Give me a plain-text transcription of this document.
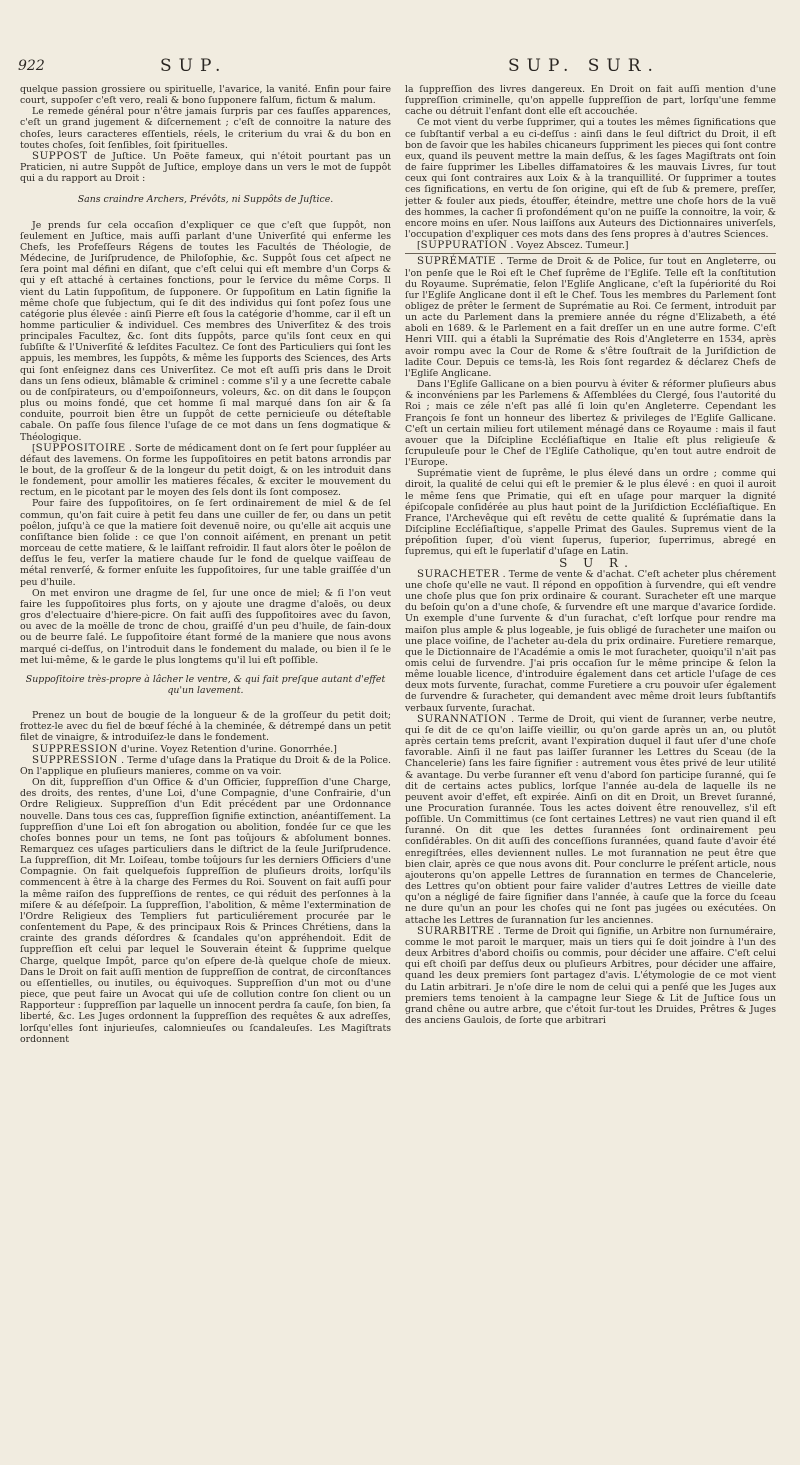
922	SUP.	SUP. SUR.

quelque passion grossiere ou spirituelle, l'avarice, la vanité. Enfin pour faire court, suppoſer c'eſt vero, reali & bono ſupponere falſum, fictum & malum.

Le remede général pour n'être jamais ſurpris par ces fauſſes apparences, c'eſt un grand jugement & diſcernement ; c'eſt de connoitre la nature des choſes, leurs caracteres eſſentiels, réels, le criterium du vrai & du bon en toutes choſes, ſoit ſenſibles, ſoit ſpirituelles.

SUPPOST de Juſtice. Un Poëte fameux, qui n'étoit pourtant pas un Praticien, ni autre Suppôt de Juſtice, employe dans un vers le mot de ſuppôt qui a du rapport au Droit :

Sans craindre Archers, Prévôts, ni Suppôts de Juſtice.

Je prends ſur cela occaſion d'expliquer ce que c'eſt que ſuppôt, non ſeulement en Juſtice, mais auſſi parlant d'une Univerſité qui enferme les Chefs, les Profeſſeurs Régens de toutes les Facultés de Théologie, de Médecine, de Juriſprudence, de Philoſophie, &c. Suppôt ſous cet aſpect ne ſera point mal défini en diſant, que c'eſt celui qui eſt membre d'un Corps & qui y eſt attaché à certaines fonctions, pour le ſervice du même Corps. Il vient du Latin ſuppoſitum, de ſupponere. Or ſuppoſitum en Latin ſignifie la même choſe que ſubjectum, qui ſe dit des individus qui ſont poſez ſous une catégorie plus élevée : ainſi Pierre eſt ſous la catégorie d'homme, car il eſt un homme particulier & individuel. Ces membres des Univerſitez & des trois principales Facultez, &c. ſont dits ſuppôts, parce qu'ils ſont ceux en qui ſubſiſte & l'Univerſité & leſdites Facultez. Ce ſont des Particuliers qui ſont les appuis, les membres, les ſuppôts, & même les ſupports des Sciences, des Arts qui ſont enſeignez dans ces Univerſitez. Ce mot eſt auſſi pris dans le Droit dans un ſens odieux, blâmable & criminel : comme s'il y a une ſecrette cabale ou de conſpirateurs, ou d'empoiſonneurs, voleurs, &c. on dit dans le ſoupçon plus ou moins fondé, que cet homme ſi mal marqué dans ſon air & ſa conduite, pourroit bien être un ſuppôt de cette pernicieuſe ou déteſtable cabale. On paſſe ſous ſilence l'uſage de ce mot dans un ſens dogmatique & Théologique.

[SUPPOSITOIRE . Sorte de médicament dont on ſe ſert pour ſuppléer au défaut des lavemens. On forme les ſuppoſitoires en petit batons arrondis par le bout, de la groſſeur & de la longeur du petit doigt, & on les introduit dans le fondement, pour amollir les matieres fécales, & exciter le mouvement du rectum, en le picotant par le moyen des ſels dont ils ſont composez.

Pour faire des ſuppoſitoires, on ſe ſert ordinairement de miel & de ſel commun, qu'on fait cuire à petit feu dans une cuiller de fer, ou dans un petit poêlon, juſqu'à ce que la matiere ſoit devenuë noire, ou qu'elle ait acquis une conſiſtance bien ſolide : ce que l'on connoit aiſément, en prenant un petit morceau de cette matiere, & le laiſſant refroidir. Il faut alors ôter le poêlon de deſſus le feu, verſer la matiere chaude ſur le fond de quelque vaiſſeau de métal renverſé, & former enſuite les ſuppoſitoires, ſur une table graiſſée d'un peu d'huile.

On met environ une dragme de ſel, ſur une once de miel; & ſi l'on veut faire les ſuppoſitoires plus forts, on y ajoute une dragme d'aloës, ou deux gros d'electuaire d'hiere-picre. On fait auſſi des ſuppoſitoires avec du ſavon, ou avec de la moëlle de tronc de chou, graiſſé d'un peu d'huile, de ſain-doux ou de beurre ſalé. Le ſuppoſitoire étant formé de la maniere que nous avons marqué ci-deſſus, on l'introduit dans le fondement du malade, ou bien il ſe le met lui-même, & le garde le plus longtems qu'il lui eſt poſſible.

Suppoſitoire très-propre à lâcher le ventre, & qui fait preſque autant d'effet qu'un lavement.

Prenez un bout de bougie de la longueur & de la groſſeur du petit doit; frottez-le avec du fiel de bœuf ſéché à la cheminée, & détrempé dans un petit filet de vinaigre, & introduiſez-le dans le fondement.

SUPPRESSION d'urine. Voyez Retention d'urine. Gonorrhée.]

SUPPRESSION . Terme d'uſage dans la Pratique du Droit & de la Police. On l'applique en pluſieurs manieres, comme on va voir.

On dit, ſuppreſſion d'un Office & d'un Officier, ſuppreſſion d'une Charge, des droits, des rentes, d'une Loi, d'une Compagnie, d'une Confrairie, d'un Ordre Religieux. Suppreſſion d'un Edit précédent par une Ordonnance nouvelle. Dans tous ces cas, ſuppreſſion ſignifie extinction, anéantiſſement. La ſuppreſſion d'une Loi eſt ſon abrogation ou abolition, fondée ſur ce que les choſes bonnes pour un tems, ne ſont pas toûjours & abſolument bonnes. Remarquez ces uſages particuliers dans le diſtrict de la ſeule Juriſprudence. La ſuppreſſion, dit Mr. Loiſeau, tombe toûjours ſur les derniers Officiers d'une Compagnie. On fait quelquefois ſuppreſſion de pluſieurs droits, lorſqu'ils commencent à être à la charge des Fermes du Roi. Souvent on fait auſſi pour la même raiſon des ſuppreſſions de rentes, ce qui réduit des perſonnes à la miſere & au déſeſpoir. La ſuppreſſion, l'abolition, & même l'extermination de l'Ordre Religieux des Templiers fut particuliérement procurée par le conſentement du Pape, & des principaux Rois & Princes Chrétiens, dans la crainte des grands déſordres & ſcandales qu'on appréhendoit. Edit de ſuppreſſion eſt celui par lequel le Souverain éteint & ſupprime quelque Charge, quelque Impôt, parce qu'on eſpere de-là quelque choſe de mieux. Dans le Droit on fait auſſi mention de ſuppreſſion de contrat, de circonſtances ou eſſentielles, ou inutiles, ou équivoques. Suppreſſion d'un mot ou d'une piece, que peut faire un Avocat qui uſe de collution contre ſon client ou un Rapporteur : ſuppreſſion par laquelle un innocent perdra ſa cauſe, ſon bien, ſa liberté, &c. Les Juges ordonnent la ſuppreſſion des requêtes & aux adreſſes, lorſqu'elles ſont injurieuſes, calomnieuſes ou ſcandaleuſes. Les Magiſtrats ordonnent

la ſuppreſſion des livres dangereux. En Droit on fait auſſi mention d'une ſuppreſſion criminelle, qu'on appelle ſuppreſſion de part, lorſqu'une femme cache ou détruit l'enfant dont elle eſt accouchée.

Ce mot vient du verbe ſupprimer, qui a toutes les mêmes ſignifications que ce ſubſtantif verbal a eu ci-deſſus : ainſi dans le ſeul diſtrict du Droit, il eſt bon de ſavoir que les habiles chicaneurs ſuppriment les pieces qui ſont contre eux, quand ils peuvent mettre la main deſſus, & les ſages Magiſtrats ont ſoin de faire ſupprimer les Libelles diffamatoires & les mauvais Livres, ſur tout ceux qui ſont contraires aux Loix & à la tranquillité. Or ſupprimer a toutes ces ſignifications, en vertu de ſon origine, qui eſt de ſub & premere, preſſer, jetter & fouler aux pieds, étouffer, éteindre, mettre une choſe hors de la vuë des hommes, la cacher ſi profondément qu'on ne puiſſe la connoitre, la voir, & encore moins en uſer. Nous laiſſons aux Auteurs des Dictionnaires univerſels, l'occupation d'expliquer ces mots dans des ſens propres à d'autres Sciences.

[SUPPURATION . Voyez Abscez. Tumeur.]

SUPRÉMATIE . Terme de Droit & de Police, ſur tout en Angleterre, ou l'on penſe que le Roi eſt le Chef ſuprême de l'Egliſe. Telle eſt la conſtitution du Royaume. Suprématie, ſelon l'Egliſe Anglicane, c'eſt la ſupériorité du Roi ſur l'Egliſe Anglicane dont il eſt le Chef. Tous les membres du Parlement ſont obligez de prêter le ſerment de Suprématie au Roi. Ce ſerment, introduit par un acte du Parlement dans la premiere année du régne d'Elizabeth, a été aboli en 1689. & le Parlement en a fait dreſſer un en une autre forme. C'eſt Henri VIII. qui a établi la Suprématie des Rois d'Angleterre en 1534, après avoir rompu avec la Cour de Rome & s'être ſouſtrait de la Juriſdiction de ladite Cour. Depuis ce tems-là, les Rois ſont regardez & déclarez Chefs de l'Egliſe Anglicane.

Dans l'Egliſe Gallicane on a bien pourvu à éviter & réformer pluſieurs abus & inconvéniens par les Parlemens & Aſſemblées du Clergé, ſous l'autorité du Roi ; mais ce zéle n'eſt pas allé ſi loin qu'en Angleterre. Cependant les François ſe font un honneur des libertez & privileges de l'Egliſe Gallicane. C'eſt un certain milieu fort utilement ménagé dans ce Royaume : mais il faut avouer que la Diſcipline Eccléſiaſtique en Italie eſt plus religieuſe & ſcrupuleuſe pour le Chef de l'Egliſe Catholique, qu'en tout autre endroit de l'Europe.

Suprématie vient de ſuprême, le plus élevé dans un ordre ; comme qui diroit, la qualité de celui qui eſt le premier & le plus élevé : en quoi il auroit le même ſens que Primatie, qui eſt en uſage pour marquer la dignité épiſcopale conſidérée au plus haut point de la Juriſdiction Eccléſiaſtique. En France, l'Archevêque qui eſt revêtu de cette qualité & ſuprématie dans la Diſcipline Eccléſiaſtique, s'appelle Primat des Gaules. Supremus vient de la prépoſition ſuper, d'où vient ſuperus, ſuperior, ſuperrimus, abregé en ſupremus, qui eſt le ſuperlatif d'uſage en Latin.

S U R.

SURACHETER . Terme de vente & d'achat. C'eſt acheter plus chérement une choſe qu'elle ne vaut. Il répond en oppoſition à ſurvendre, qui eſt vendre une choſe plus que ſon prix ordinaire & courant. Suracheter eſt une marque du beſoin qu'on a d'une choſe, & ſurvendre eſt une marque d'avarice ſordide. Un exemple d'une ſurvente & d'un ſurachat, c'eſt lorſque pour rendre ma maiſon plus ample & plus logeable, je ſuis obligé de ſuracheter une maiſon ou une place voiſine, de l'acheter au-dela du prix ordinaire. Furetiere remarque, que le Dictionnaire de l'Académie a omis le mot ſuracheter, quoiqu'il n'ait pas omis celui de ſurvendre. J'ai pris occaſion ſur le même principe & ſelon la même louable licence, d'introduire également dans cet article l'uſage de ces deux mots ſurvente, ſurachat, comme Furetiere a cru pouvoir uſer également de ſurvendre & ſuracheter, qui demandent avec même droit leurs ſubſtantifs verbaux ſurvente, ſurachat.

SURANNATION . Terme de Droit, qui vient de ſuranner, verbe neutre, qui ſe dit de ce qu'on laiſſe vieillir, ou qu'on garde après un an, ou plutôt après certain tems preſcrit, avant l'expiration duquel il faut uſer d'une choſe favorable. Ainſi il ne faut pas laiſſer ſuranner les Lettres du Sceau (de la Chancelerie) ſans les faire ſignifier : autrement vous êtes privé de leur utilité & avantage. Du verbe ſuranner eſt venu d'abord ſon participe ſuranné, qui ſe dit de certains actes publics, lorſque l'année au-dela de laquelle ils ne peuvent avoir d'effet, eſt expirée. Ainſi on dit en Droit, un Brevet ſuranné, une Procuration ſurannée. Tous les actes doivent être renouvellez, s'il eſt poſſible. Un Committimus (ce ſont certaines Lettres) ne vaut rien quand il eſt ſuranné. On dit que les dettes ſurannées ſont ordinairement peu conſidérables. On dit auſſi des conceſſions ſurannées, quand faute d'avoir été enregiſtrées, elles deviennent nulles. Le mot ſurannation ne peut être que bien clair, après ce que nous avons dit. Pour conclurre le préſent article, nous ajouterons qu'on appelle Lettres de ſurannation en termes de Chancelerie, des Lettres qu'on obtient pour faire valider d'autres Lettres de vieille date qu'on a négligé de faire ſignifier dans l'année, à cauſe que la force du ſceau ne dure qu'un an pour les choſes qui ne ſont pas jugées ou exécutées. On attache les Lettres de ſurannation ſur les anciennes.

SURARBITRE . Terme de Droit qui ſignifie, un Arbitre non ſurnuméraire, comme le mot paroit le marquer, mais un tiers qui ſe doit joindre à l'un des deux Arbitres d'abord choiſis ou commis, pour décider une affaire. C'eſt celui qui eſt choiſi par deſſus deux ou pluſieurs Arbitres, pour décider une affaire, quand les deux premiers ſont partagez d'avis. L'étymologie de ce mot vient du Latin arbitrari. Je n'oſe dire le nom de celui qui a penſé que les Juges aux premiers tems tenoient à la campagne leur Siege & Lit de Juſtice ſous un grand chêne ou autre arbre, que c'étoit ſur-tout les Druides, Prêtres & Juges des anciens Gaulois, de ſorte que arbitrari
